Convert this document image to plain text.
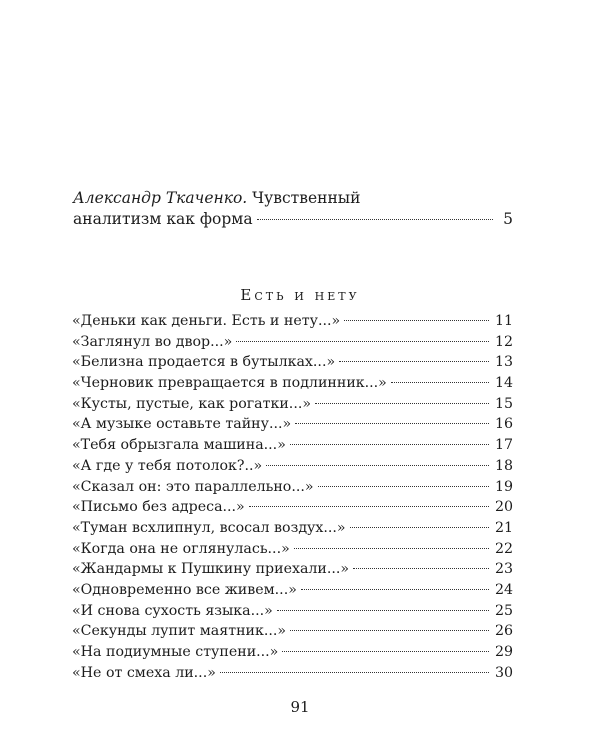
Александр Ткаченко. Чувственный
аналитизм как форма	5
Есть и нету
«Деньки как деньги. Есть и нету...»	11
«Заглянул во двор...»	12
«Белизна продается в бутылках...»	13
«Черновик превращается в подлинник...»	14
«Кусты, пустые, как рогатки...»	15
«А музыке оставьте тайну...»	16
«Тебя обрызгала машина...»	17
«А где у тебя потолок?..»	18
«Сказал он: это параллельно...»	19
«Письмо без адреса...»	20
«Туман всхлипнул, всосал воздух...»	21
«Когда она не оглянулась...»	22
«Жандармы к Пушкину приехали...»	23
«Одновременно все живем...»	24
«И снова сухость языка...»	25
«Секунды лупит маятник...»	26
«На подиумные ступени...»	29
«Не от смеха ли...»	30
91
